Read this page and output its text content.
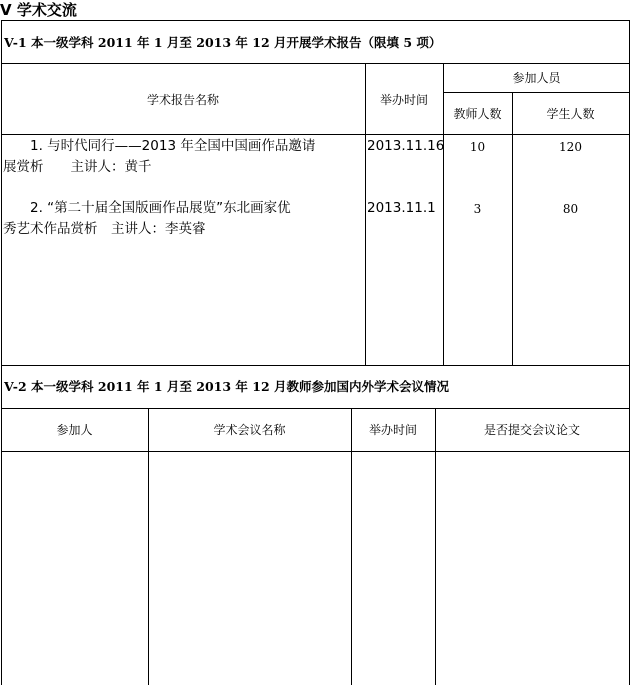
V 学术交流
V-1 本一级学科 2011 年 1 月至 2013 年 12 月开展学术报告（限填 5 项）
学术报告名称	举办时间
参加人员
教师人数	学生人数
1. 与时代同行——2013 年全国中国画作品邀请
展赏析　　主讲人：黄千
2013.11.16	10	120
2. “第二十届全国版画作品展览”东北画家优
秀艺术作品赏析　主讲人：李英睿
2013.11.1	3	80
V-2 本一级学科 2011 年 1 月至 2013 年 12 月教师参加国内外学术会议情况
参加人	学术会议名称	举办时间	是否提交会议论文
